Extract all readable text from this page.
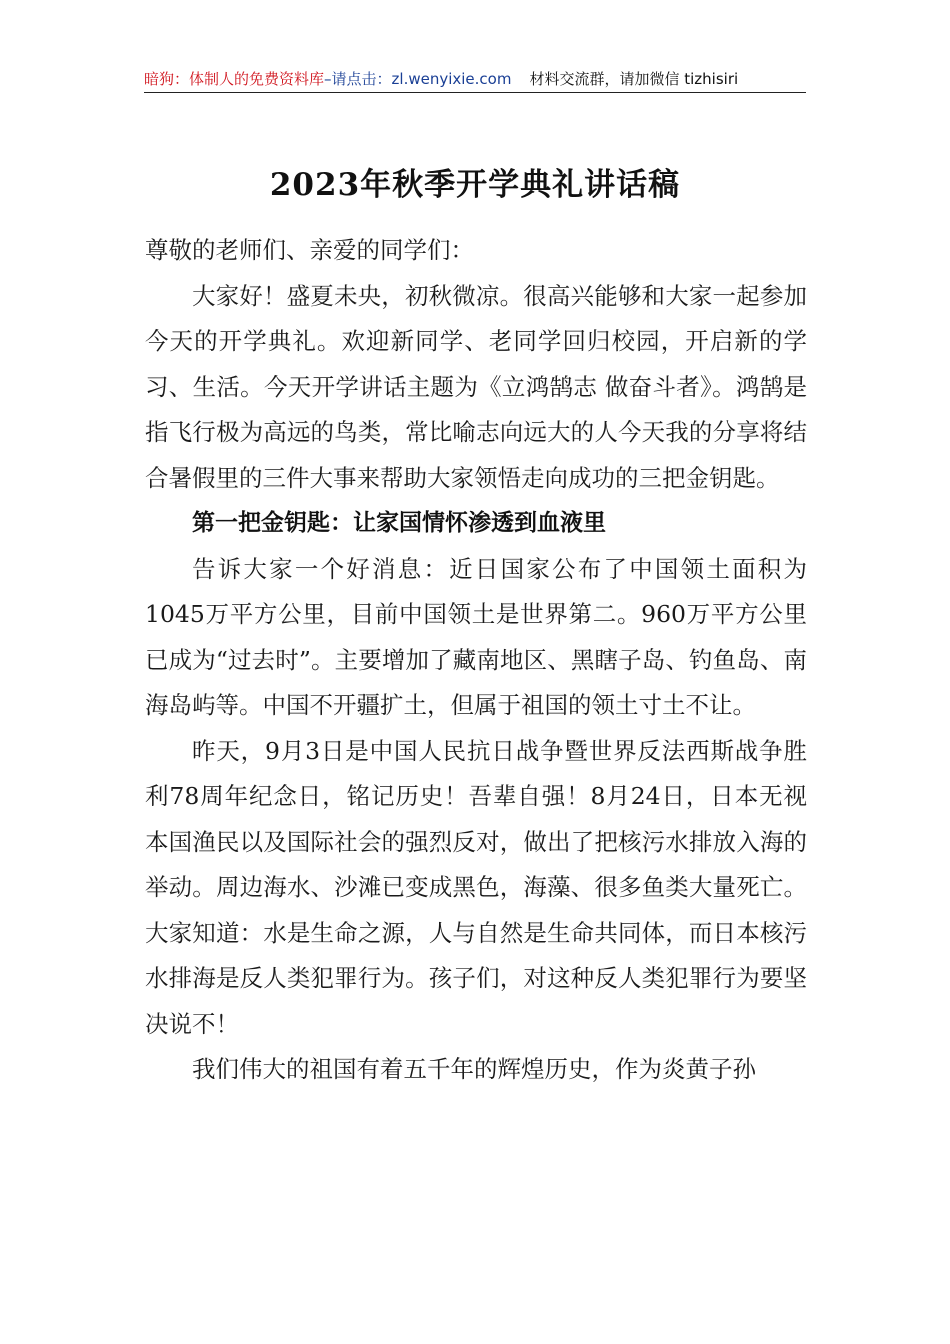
暗狗：体制人的免费资料库–请点击：zl.wenyixie.com 材料交流群，请加微信 tizhisiri
2023年秋季开学典礼讲话稿

尊敬的老师们、亲爱的同学们：

大家好！盛夏未央，初秋微凉。很高兴能够和大家一起参加今天的开学典礼。欢迎新同学、老同学回归校园，开启新的学习、生活。今天开学讲话主题为《立鸿鹄志 做奋斗者》。鸿鹄是指飞行极为高远的鸟类，常比喻志向远大的人今天我的分享将结合暑假里的三件大事来帮助大家领悟走向成功的三把金钥匙。

第一把金钥匙：让家国情怀渗透到血液里

告诉大家一个好消息：近日国家公布了中国领土面积为1045万平方公里，目前中国领土是世界第二。960万平方公里已成为“过去时”。主要增加了藏南地区、黑瞎子岛、钓鱼岛、南海岛屿等。中国不开疆扩土，但属于祖国的领土寸土不让。

昨天，9月3日是中国人民抗日战争暨世界反法西斯战争胜利78周年纪念日，铭记历史！吾辈自强！8月24日，日本无视本国渔民以及国际社会的强烈反对，做出了把核污水排放入海的举动。周边海水、沙滩已变成黑色，海藻、很多鱼类大量死亡。大家知道：水是生命之源，人与自然是生命共同体，而日本核污水排海是反人类犯罪行为。孩子们，对这种反人类犯罪行为要坚决说不！

我们伟大的祖国有着五千年的辉煌历史，作为炎黄子孙
